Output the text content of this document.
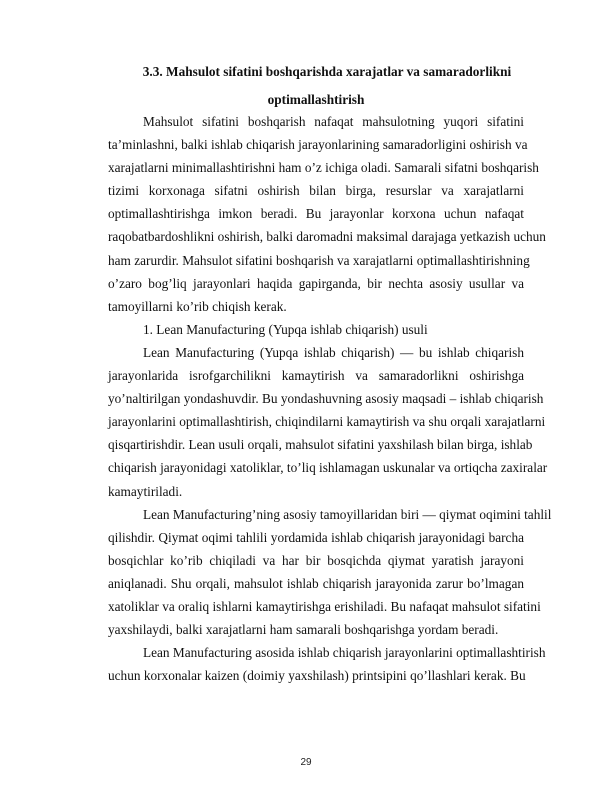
3.3. Mahsulot sifatini boshqarishda xarajatlar va samaradorlikni
optimallashtirish
Mahsulot sifatini boshqarish nafaqat mahsulotning yuqori sifatini
ta’minlashni, balki ishlab chiqarish jarayonlarining samaradorligini oshirish va
xarajatlarni minimallashtirishni ham o’z ichiga oladi. Samarali sifatni boshqarish
tizimi korxonaga sifatni oshirish bilan birga, resurslar va xarajatlarni
optimallashtirishga imkon beradi. Bu jarayonlar korxona uchun nafaqat
raqobatbardoshlikni oshirish, balki daromadni maksimal darajaga yetkazish uchun
ham zarurdir. Mahsulot sifatini boshqarish va xarajatlarni optimallashtirishning
o’zaro bog’liq jarayonlari haqida gapirganda, bir nechta asosiy usullar va
tamoyillarni ko’rib chiqish kerak.
1. Lean Manufacturing (Yupqa ishlab chiqarish) usuli
Lean Manufacturing (Yupqa ishlab chiqarish) — bu ishlab chiqarish
jarayonlarida isrofgarchilikni kamaytirish va samaradorlikni oshirishga
yo’naltirilgan yondashuvdir. Bu yondashuvning asosiy maqsadi – ishlab chiqarish
jarayonlarini optimallashtirish, chiqindilarni kamaytirish va shu orqali xarajatlarni
qisqartirishdir. Lean usuli orqali, mahsulot sifatini yaxshilash bilan birga, ishlab
chiqarish jarayonidagi xatoliklar, to’liq ishlamagan uskunalar va ortiqcha zaxiralar
kamaytiriladi.
Lean Manufacturing’ning asosiy tamoyillaridan biri — qiymat oqimini tahlil
qilishdir. Qiymat oqimi tahlili yordamida ishlab chiqarish jarayonidagi barcha
bosqichlar ko’rib chiqiladi va har bir bosqichda qiymat yaratish jarayoni
aniqlanadi. Shu orqali, mahsulot ishlab chiqarish jarayonida zarur bo’lmagan
xatoliklar va oraliq ishlarni kamaytirishga erishiladi. Bu nafaqat mahsulot sifatini
yaxshilaydi, balki xarajatlarni ham samarali boshqarishga yordam beradi.
Lean Manufacturing asosida ishlab chiqarish jarayonlarini optimallashtirish
uchun korxonalar kaizen (doimiy yaxshilash) printsipini qo’llashlari kerak. Bu
29
